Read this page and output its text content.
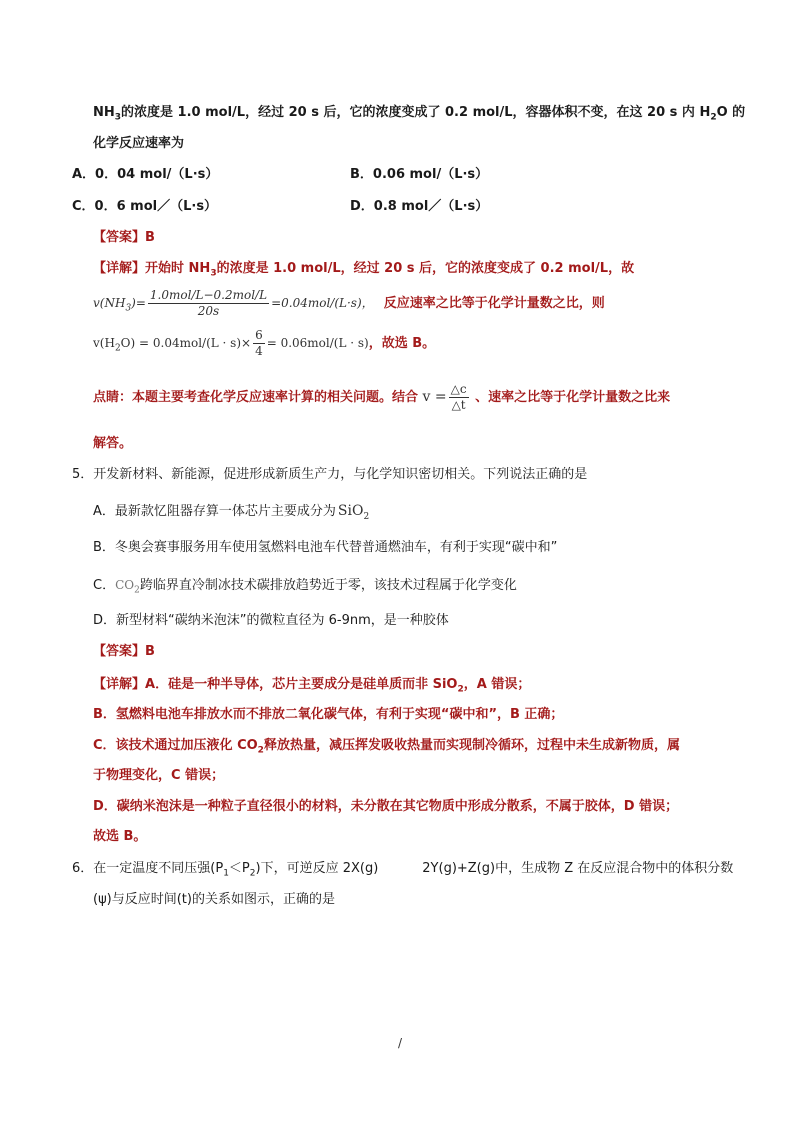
$NH_3$的浓度是 1.0 mol/L，经过 20 s 后，它的浓度变成了 0.2 mol/L，容器体积不变，在这 20 s 内 $H_2O$ 的
化学反应速率为
A．0．04 mol/（L·s）	B．0.06 mol/（L·s）
C．0．6 mol／（L·s）	D．0.8 mol／（L·s）
【答案】B
【详解】开始时 $NH_3$的浓度是 1.0 mol/L，经过 20 s 后，它的浓度变成了 0.2 mol/L，故
$v(NH_3)= \frac{\text{1.0mol/L−0.2mol/L}}{20s} =0.04mol/(L\cdot s)$， 反应速率之比等于化学计量数之比，则
$v(H_2O) = 0.04mol/(L \cdot s)\times \frac{6}{4} = 0.06mol/(L \cdot s)$，故选 B。
点睛：本题主要考查化学反应速率计算的相关问题。结合 $v = \frac{\triangle c}{\triangle t}$ 、速率之比等于化学计量数之比来
解答。
5．开发新材料、新能源，促进形成新质生产力，与化学知识密切相关。下列说法正确的是
A．最新款忆阻器存算一体芯片主要成分为 SiO$_2$
B．冬奥会赛事服务用车使用氢燃料电池车代替普通燃油车，有利于实现“碳中和”
C．$CO_2$跨临界直冷制冰技术碳排放趋势近于零，该技术过程属于化学变化
D．新型材料“碳纳米泡沫”的微粒直径为 6-9nm，是一种胶体
【答案】B
【详解】A．硅是一种半导体，芯片主要成分是硅单质而非 SiO$_2$，A 错误；
B．氢燃料电池车排放水而不排放二氧化碳气体，有利于实现“碳中和”，B 正确；
C．该技术通过加压液化 $CO_2$释放热量，减压挥发吸收热量而实现制冷循环，过程中未生成新物质，属
于物理变化，C 错误；
D．碳纳米泡沫是一种粒子直径很小的材料，未分散在其它物质中形成分散系，不属于胶体，D 错误；
故选 B。
6．在一定温度不同压强$(P_1<P_2)$下，可逆反应 2X(g)	2Y(g)+Z(g)中，生成物 Z 在反应混合物中的体积分数
(ψ)与反应时间(t)的关系如图示，正确的是
/
